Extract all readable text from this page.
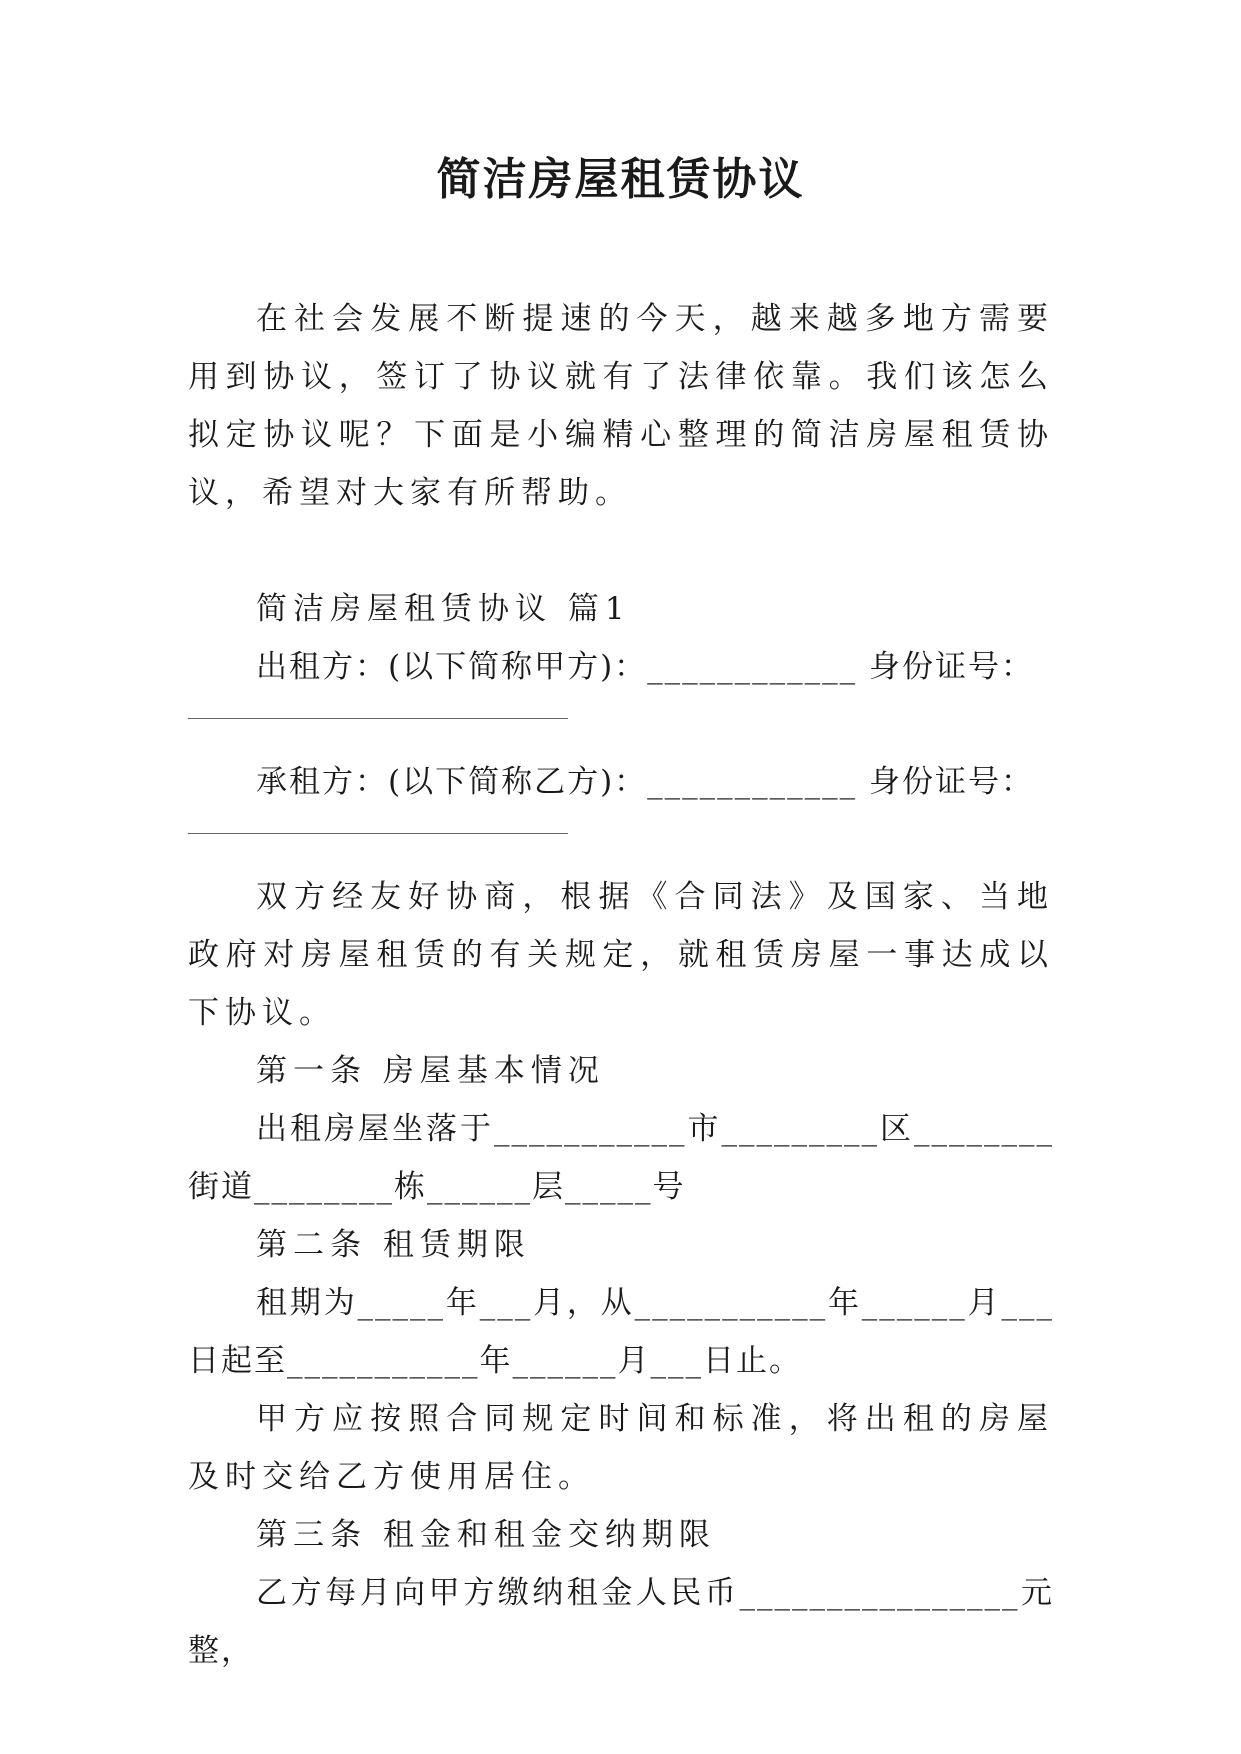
简洁房屋租赁协议

在社会发展不断提速的今天，越来越多地方需要用到协议，签订了协议就有了法律依靠。我们该怎么拟定协议呢？下面是小编精心整理的简洁房屋租赁协议，希望对大家有所帮助。

简洁房屋租赁协议 篇1

出租方：(以下简称甲方)：____________ 身份证号：

承租方：(以下简称乙方)：____________ 身份证号：

双方经友好协商，根据《合同法》及国家、当地政府对房屋租赁的有关规定，就租赁房屋一事达成以下协议。

第一条 房屋基本情况

出租房屋坐落于___________市_________区________街道________栋______层_____号

第二条 租赁期限

租期为_____年___月，从___________年______月___日起至___________年______月___日止。

甲方应按照合同规定时间和标准，将出租的房屋及时交给乙方使用居住。

第三条 租金和租金交纳期限

乙方每月向甲方缴纳租金人民币________________元整，
